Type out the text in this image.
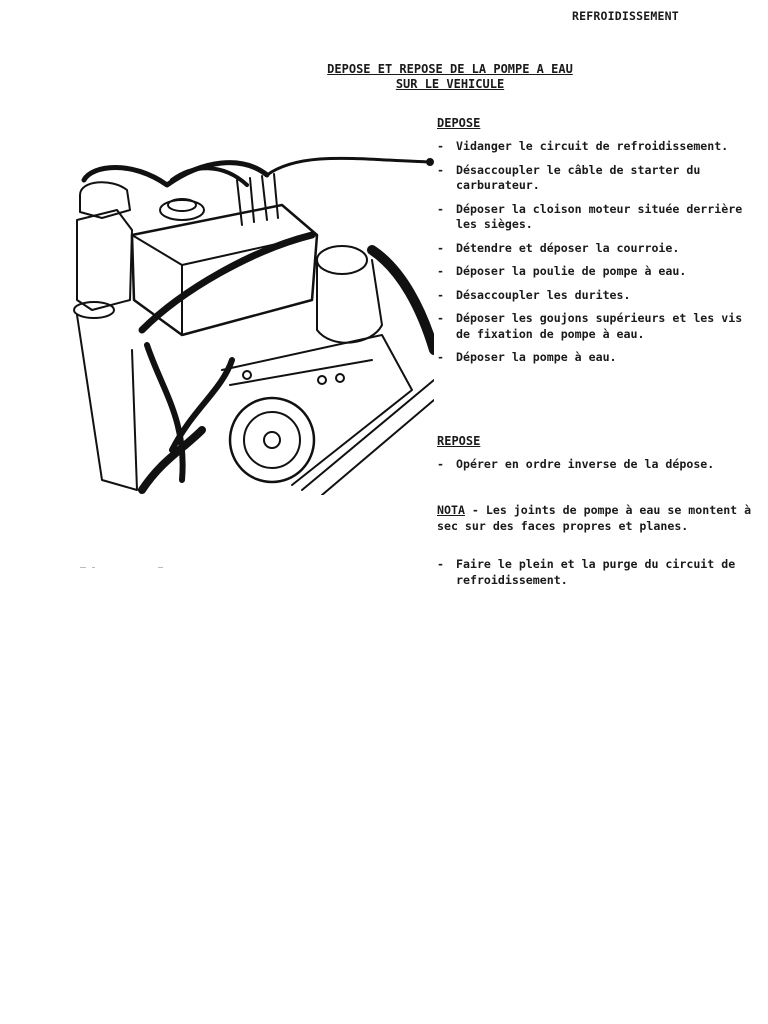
REFROIDISSEMENT
DEPOSE ET REPOSE DE LA POMPE A EAU
SUR LE VEHICULE
DEPOSE
- Vidanger le circuit de refroidissement.
- Désaccoupler le câble de starter du carburateur.
- Déposer la cloison moteur située derrière les sièges.
- Détendre et déposer la courroie.
- Déposer la poulie de pompe à eau.
- Désaccoupler les durites.
- Déposer les goujons supérieurs et les vis de fixation de pompe à eau.
- Déposer la pompe à eau.
REPOSE
- Opérer en ordre inverse de la dépose.
NOTA - Les joints de pompe à eau se montent à sec sur des faces propres et planes.
- Faire le plein et la purge du circuit de refroidissement.
